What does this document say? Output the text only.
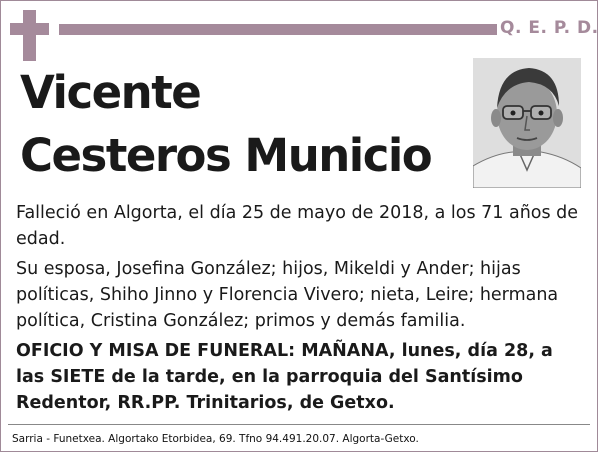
Q. E. P. D.
Vicente
Cesteros Municio

Falleció en Algorta, el día 25 de mayo de 2018, a los 71 años de edad.

Su esposa, Josefina González; hijos, Mikeldi y Ander; hijas políticas, Shiho Jinno y Florencia Vivero; nieta, Leire; hermana política, Cristina González; primos y demás familia.

OFICIO Y MISA DE FUNERAL: MAÑANA, lunes, día 28, a las SIETE de la tarde, en la parroquia del Santísimo Redentor, RR.PP. Trinitarios, de Getxo.

Sarria - Funetxea. Algortako Etorbidea, 69. Tfno 94.491.20.07. Algorta-Getxo.
